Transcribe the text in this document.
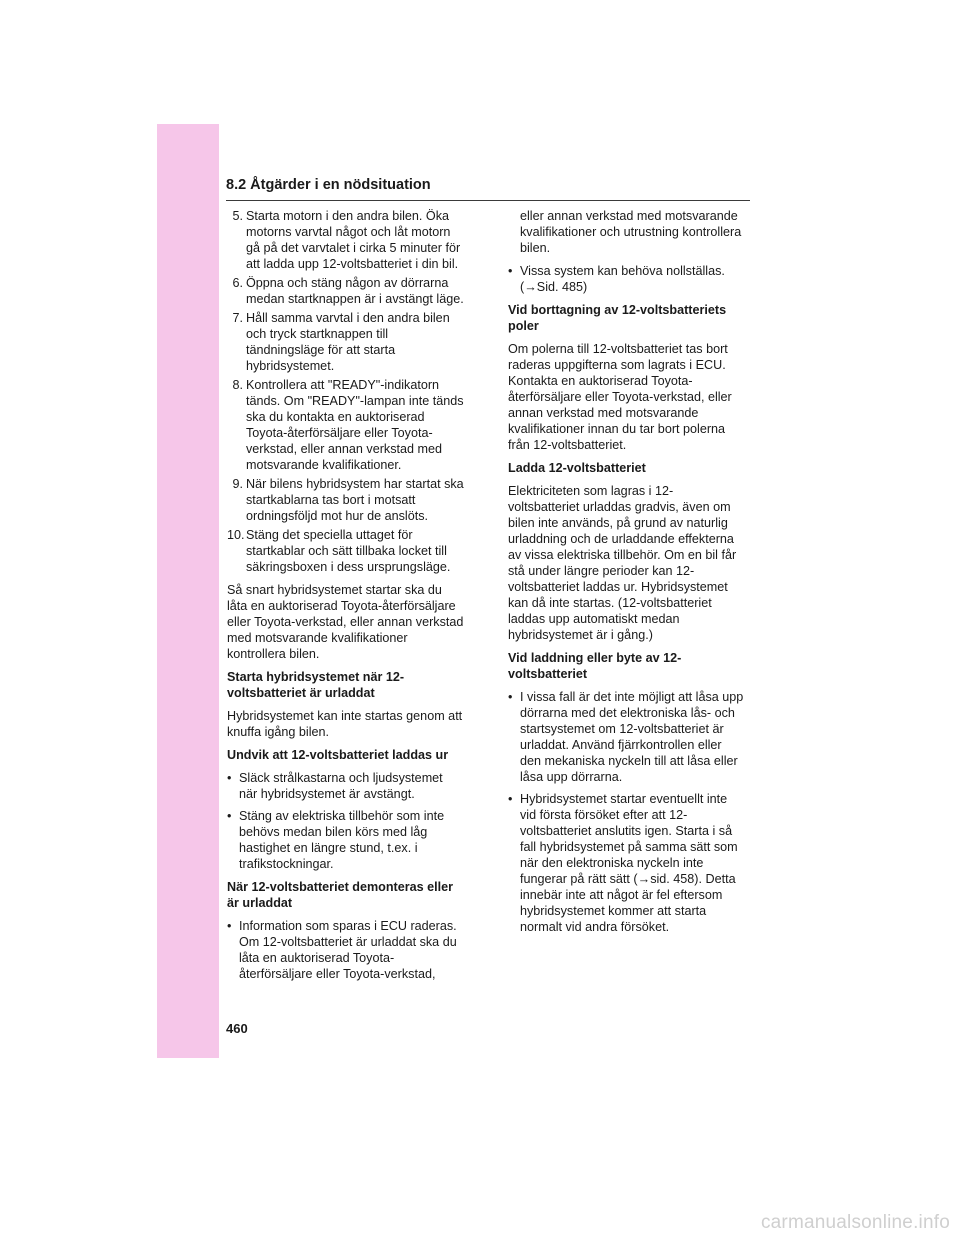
8.2 Åtgärder i en nödsituation
5. Starta motorn i den andra bilen. Öka motorns varvtal något och låt motorn gå på det varvtalet i cirka 5 minuter för att ladda upp 12-voltsbatteriet i din bil.
6. Öppna och stäng någon av dörrarna medan startknappen är i avstängt läge.
7. Håll samma varvtal i den andra bilen och tryck startknappen till tändningsläge för att starta hybridsystemet.
8. Kontrollera att "READY"-indikatorn tänds. Om "READY"-lampan inte tänds ska du kontakta en auktoriserad Toyota-återförsäljare eller Toyota-verkstad, eller annan verkstad med motsvarande kvalifikationer.
9. När bilens hybridsystem har startat ska startkablarna tas bort i motsatt ordningsföljd mot hur de anslöts.
10. Stäng det speciella uttaget för startkablar och sätt tillbaka locket till säkringsboxen i dess ursprungsläge.

Så snart hybridsystemet startar ska du låta en auktoriserad Toyota-återförsäljare eller Toyota-verkstad, eller annan verkstad med motsvarande kvalifikationer kontrollera bilen.

Starta hybridsystemet när 12-voltsbatteriet är urladdat

Hybridsystemet kan inte startas genom att knuffa igång bilen.

Undvik att 12-voltsbatteriet laddas ur

• Släck strålkastarna och ljudsystemet när hybridsystemet är avstängt.
• Stäng av elektriska tillbehör som inte behövs medan bilen körs med låg hastighet en längre stund, t.ex. i trafikstockningar.

När 12-voltsbatteriet demonteras eller är urladdat

• Information som sparas i ECU raderas. Om 12-voltsbatteriet är urladdat ska du låta en auktoriserad Toyota-återförsäljare eller Toyota-verkstad,

eller annan verkstad med motsvarande kvalifikationer och utrustning kontrollera bilen.

• Vissa system kan behöva nollställas. (→Sid. 485)

Vid borttagning av 12-voltsbatteriets poler

Om polerna till 12-voltsbatteriet tas bort raderas uppgifterna som lagrats i ECU. Kontakta en auktoriserad Toyota-återförsäljare eller Toyota-verkstad, eller annan verkstad med motsvarande kvalifikationer innan du tar bort polerna från 12-voltsbatteriet.

Ladda 12-voltsbatteriet

Elektriciteten som lagras i 12-voltsbatteriet urladdas gradvis, även om bilen inte används, på grund av naturlig urladdning och de urladdande effekterna av vissa elektriska tillbehör. Om en bil får stå under längre perioder kan 12-voltsbatteriet laddas ur. Hybridsystemet kan då inte startas. (12-voltsbatteriet laddas upp automatiskt medan hybridsystemet är i gång.)

Vid laddning eller byte av 12-voltsbatteriet

• I vissa fall är det inte möjligt att låsa upp dörrarna med det elektroniska lås- och startsystemet om 12-voltsbatteriet är urladdat. Använd fjärrkontrollen eller den mekaniska nyckeln till att låsa eller låsa upp dörrarna.
• Hybridsystemet startar eventuellt inte vid första försöket efter att 12-voltsbatteriet anslutits igen. Starta i så fall hybridsystemet på samma sätt som när den elektroniska nyckeln inte fungerar på rätt sätt (→sid. 458). Detta innebär inte att något är fel eftersom hybridsystemet kommer att starta normalt vid andra försöket.
460
carmanualsonline.info
